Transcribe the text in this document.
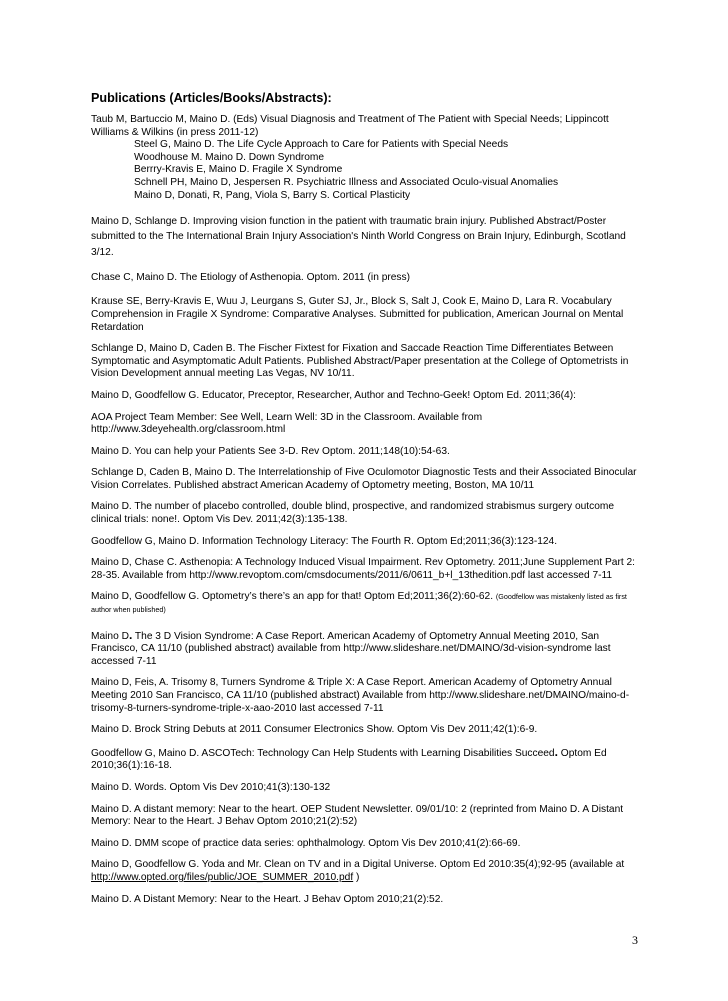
Publications (Articles/Books/Abstracts):
Taub M, Bartuccio M, Maino D. (Eds) Visual Diagnosis and Treatment of The Patient with Special Needs; Lippincott Williams & Wilkins (in press 2011-12)
Steel G, Maino D. The Life Cycle Approach to Care for Patients with Special Needs
Woodhouse M. Maino D. Down Syndrome
Berrry-Kravis E, Maino D. Fragile X Syndrome
Schnell PH, Maino D, Jespersen R. Psychiatric Illness and Associated Oculo-visual Anomalies
Maino D, Donati, R, Pang, Viola S, Barry S. Cortical Plasticity
Maino D, Schlange D. Improving vision function in the patient with traumatic brain injury. Published Abstract/Poster submitted to the The International Brain Injury Association's Ninth World Congress on Brain Injury, Edinburgh, Scotland 3/12.
Chase C, Maino D. The Etiology of Asthenopia. Optom. 2011 (in press)
Krause SE, Berry-Kravis E, Wuu J, Leurgans S, Guter SJ, Jr., Block S, Salt J, Cook E, Maino D, Lara R. Vocabulary Comprehension in Fragile X Syndrome: Comparative Analyses. Submitted for publication, American Journal on Mental Retardation
Schlange D, Maino D, Caden B. The Fischer Fixtest for Fixation and Saccade Reaction Time Differentiates Between Symptomatic and Asymptomatic Adult Patients. Published Abstract/Paper presentation at the College of Optometrists in Vision Development annual meeting Las Vegas, NV 10/11.
Maino D, Goodfellow G. Educator, Preceptor, Researcher, Author and Techno-Geek! Optom Ed. 2011;36(4):
AOA Project Team Member: See Well, Learn Well: 3D in the Classroom. Available from http://www.3deyehealth.org/classroom.html
Maino D. You can help your Patients See 3-D. Rev Optom. 2011;148(10):54-63.
Schlange D, Caden B, Maino D. The Interrelationship of Five Oculomotor Diagnostic Tests and their Associated Binocular Vision Correlates. Published abstract American Academy of Optometry meeting, Boston, MA 10/11
Maino D. The number of placebo controlled, double blind, prospective, and randomized strabismus surgery outcome clinical trials: none!. Optom Vis Dev. 2011;42(3):135-138.
Goodfellow G, Maino D. Information Technology Literacy: The Fourth R. Optom Ed;2011;36(3):123-124.
Maino D, Chase C. Asthenopia: A Technology Induced Visual Impairment. Rev Optometry. 2011;June Supplement Part 2: 28-35. Available from http://www.revoptom.com/cmsdocuments/2011/6/0611_b+l_13thedition.pdf last accessed 7-11
Maino D, Goodfellow G. Optometry’s there’s an app for that! Optom Ed;2011;36(2):60-62. (Goodfellow was mistakenly listed as first author when published)
Maino D. The 3 D Vision Syndrome: A Case Report. American Academy of Optometry Annual Meeting 2010, San Francisco, CA 11/10 (published abstract) available from http://www.slideshare.net/DMAINO/3d-vision-syndrome last accessed 7-11
Maino D, Feis, A. Trisomy 8, Turners Syndrome & Triple X: A Case Report. American Academy of Optometry Annual Meeting 2010 San Francisco, CA 11/10 (published abstract) Available from http://www.slideshare.net/DMAINO/maino-d-trisomy-8-turners-syndrome-triple-x-aao-2010 last accessed 7-11
Maino D. Brock String Debuts at 2011 Consumer Electronics Show. Optom Vis Dev 2011;42(1):6-9.
Goodfellow G, Maino D. ASCOTech: Technology Can Help Students with Learning Disabilities Succeed. Optom Ed 2010;36(1):16-18.
Maino D. Words. Optom Vis Dev 2010;41(3):130-132
Maino D. A distant memory: Near to the heart. OEP Student Newsletter. 09/01/10: 2 (reprinted from Maino D. A Distant Memory: Near to the Heart. J Behav Optom 2010;21(2):52)
Maino D. DMM scope of practice data series: ophthalmology. Optom Vis Dev 2010;41(2):66-69.
Maino D, Goodfellow G. Yoda and Mr. Clean on TV and in a Digital Universe. Optom Ed 2010:35(4);92-95 (available at http://www.opted.org/files/public/JOE_SUMMER_2010.pdf )
Maino D. A Distant Memory: Near to the Heart. J Behav Optom 2010;21(2):52.
3
